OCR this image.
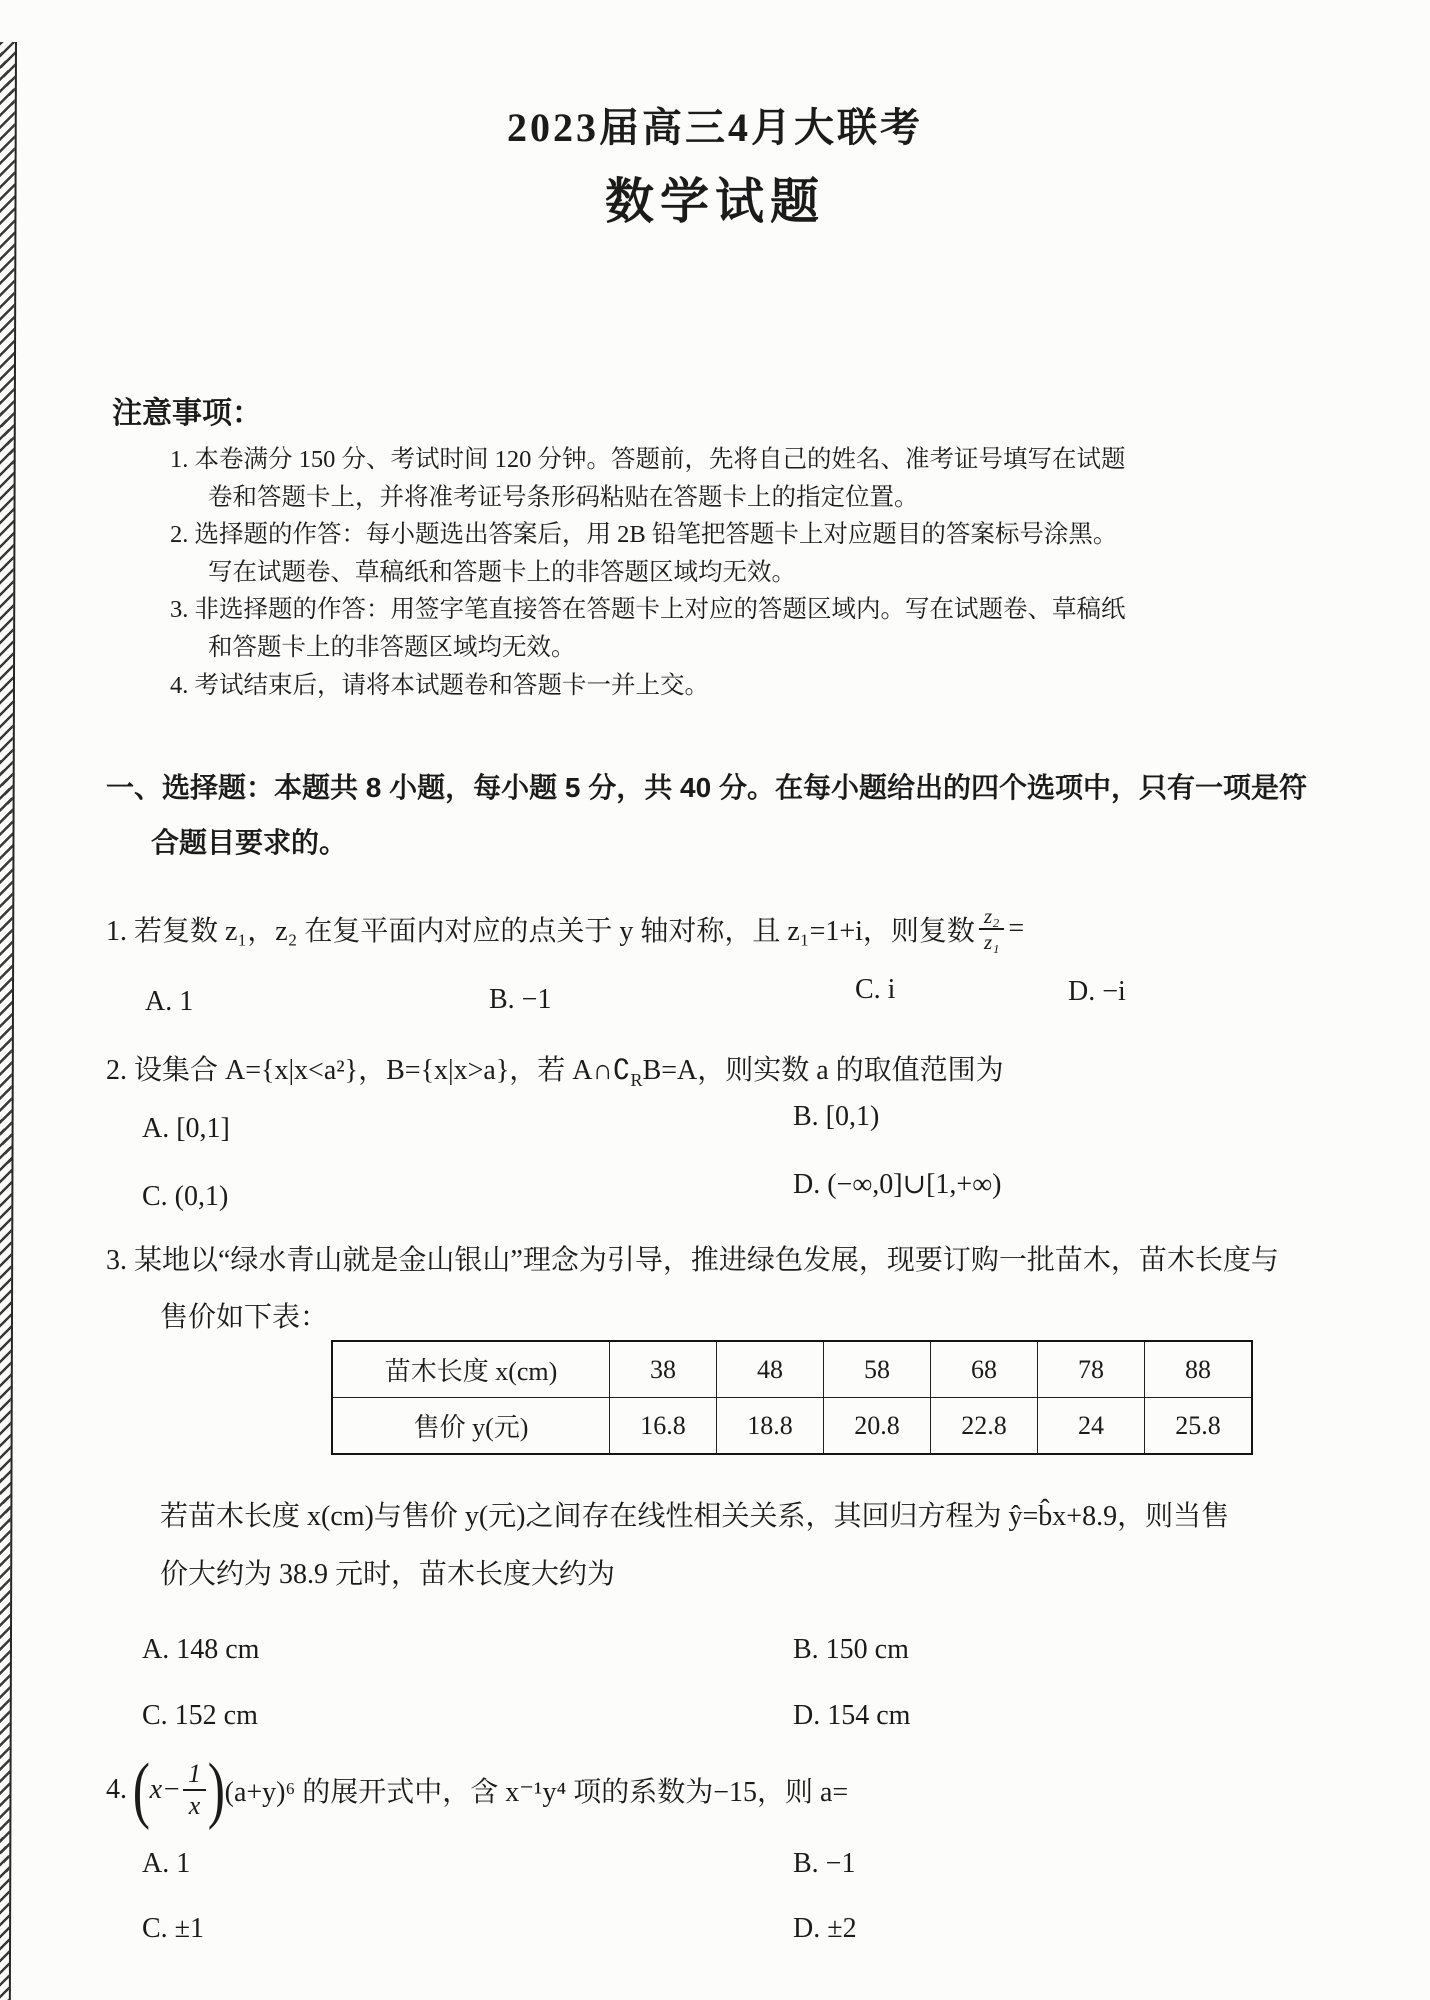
2023届高三4月大联考
数学试题
注意事项：
1. 本卷满分 150 分、考试时间 120 分钟。答题前，先将自己的姓名、准考证号填写在试题
卷和答题卡上，并将准考证号条形码粘贴在答题卡上的指定位置。
2. 选择题的作答：每小题选出答案后，用 2B 铅笔把答题卡上对应题目的答案标号涂黑。
写在试题卷、草稿纸和答题卡上的非答题区域均无效。
3. 非选择题的作答：用签字笔直接答在答题卡上对应的答题区域内。写在试题卷、草稿纸
和答题卡上的非答题区域均无效。
4. 考试结束后，请将本试题卷和答题卡一并上交。
一、选择题：本题共 8 小题，每小题 5 分，共 40 分。在每小题给出的四个选项中，只有一项是符
合题目要求的。
1. 若复数 z₁，z₂ 在复平面内对应的点关于 y 轴对称，且 z₁=1+i，则复数 $\frac{\text{z₂}}{\text{z₁}}$ =
A. 1	B. −1	C. i	D. −i
2. 设集合 A={x|x<a²}，B={x|x>a}，若 $A\cap∁_RB=A$，则实数 a 的取值范围为
A. [0,1]	B. [0,1)
C. (0,1)	D. (−∞,0]∪[1,+∞)
3. 某地以“绿水青山就是金山银山”理念为引导，推进绿色发展，现要订购一批苗木，苗木长度与
售价如下表：
苗木长度 x(cm)	38	48	58	68	78	88
售价 y(元)	16.8	18.8	20.8	22.8	24	25.8
若苗木长度 x(cm)与售价 y(元)之间存在线性相关关系，其回归方程为 ŷ=b̂x+8.9，则当售
价大约为 38.9 元时，苗木长度大约为
A. 148 cm	B. 150 cm
C. 152 cm	D. 154 cm
4. ( $x- \frac{1}{x}$ ) (a+y)⁶ 的展开式中，含 x⁻¹y⁴ 项的系数为−15，则 a=
A. 1	B. −1
C. ±1	D. ±2
